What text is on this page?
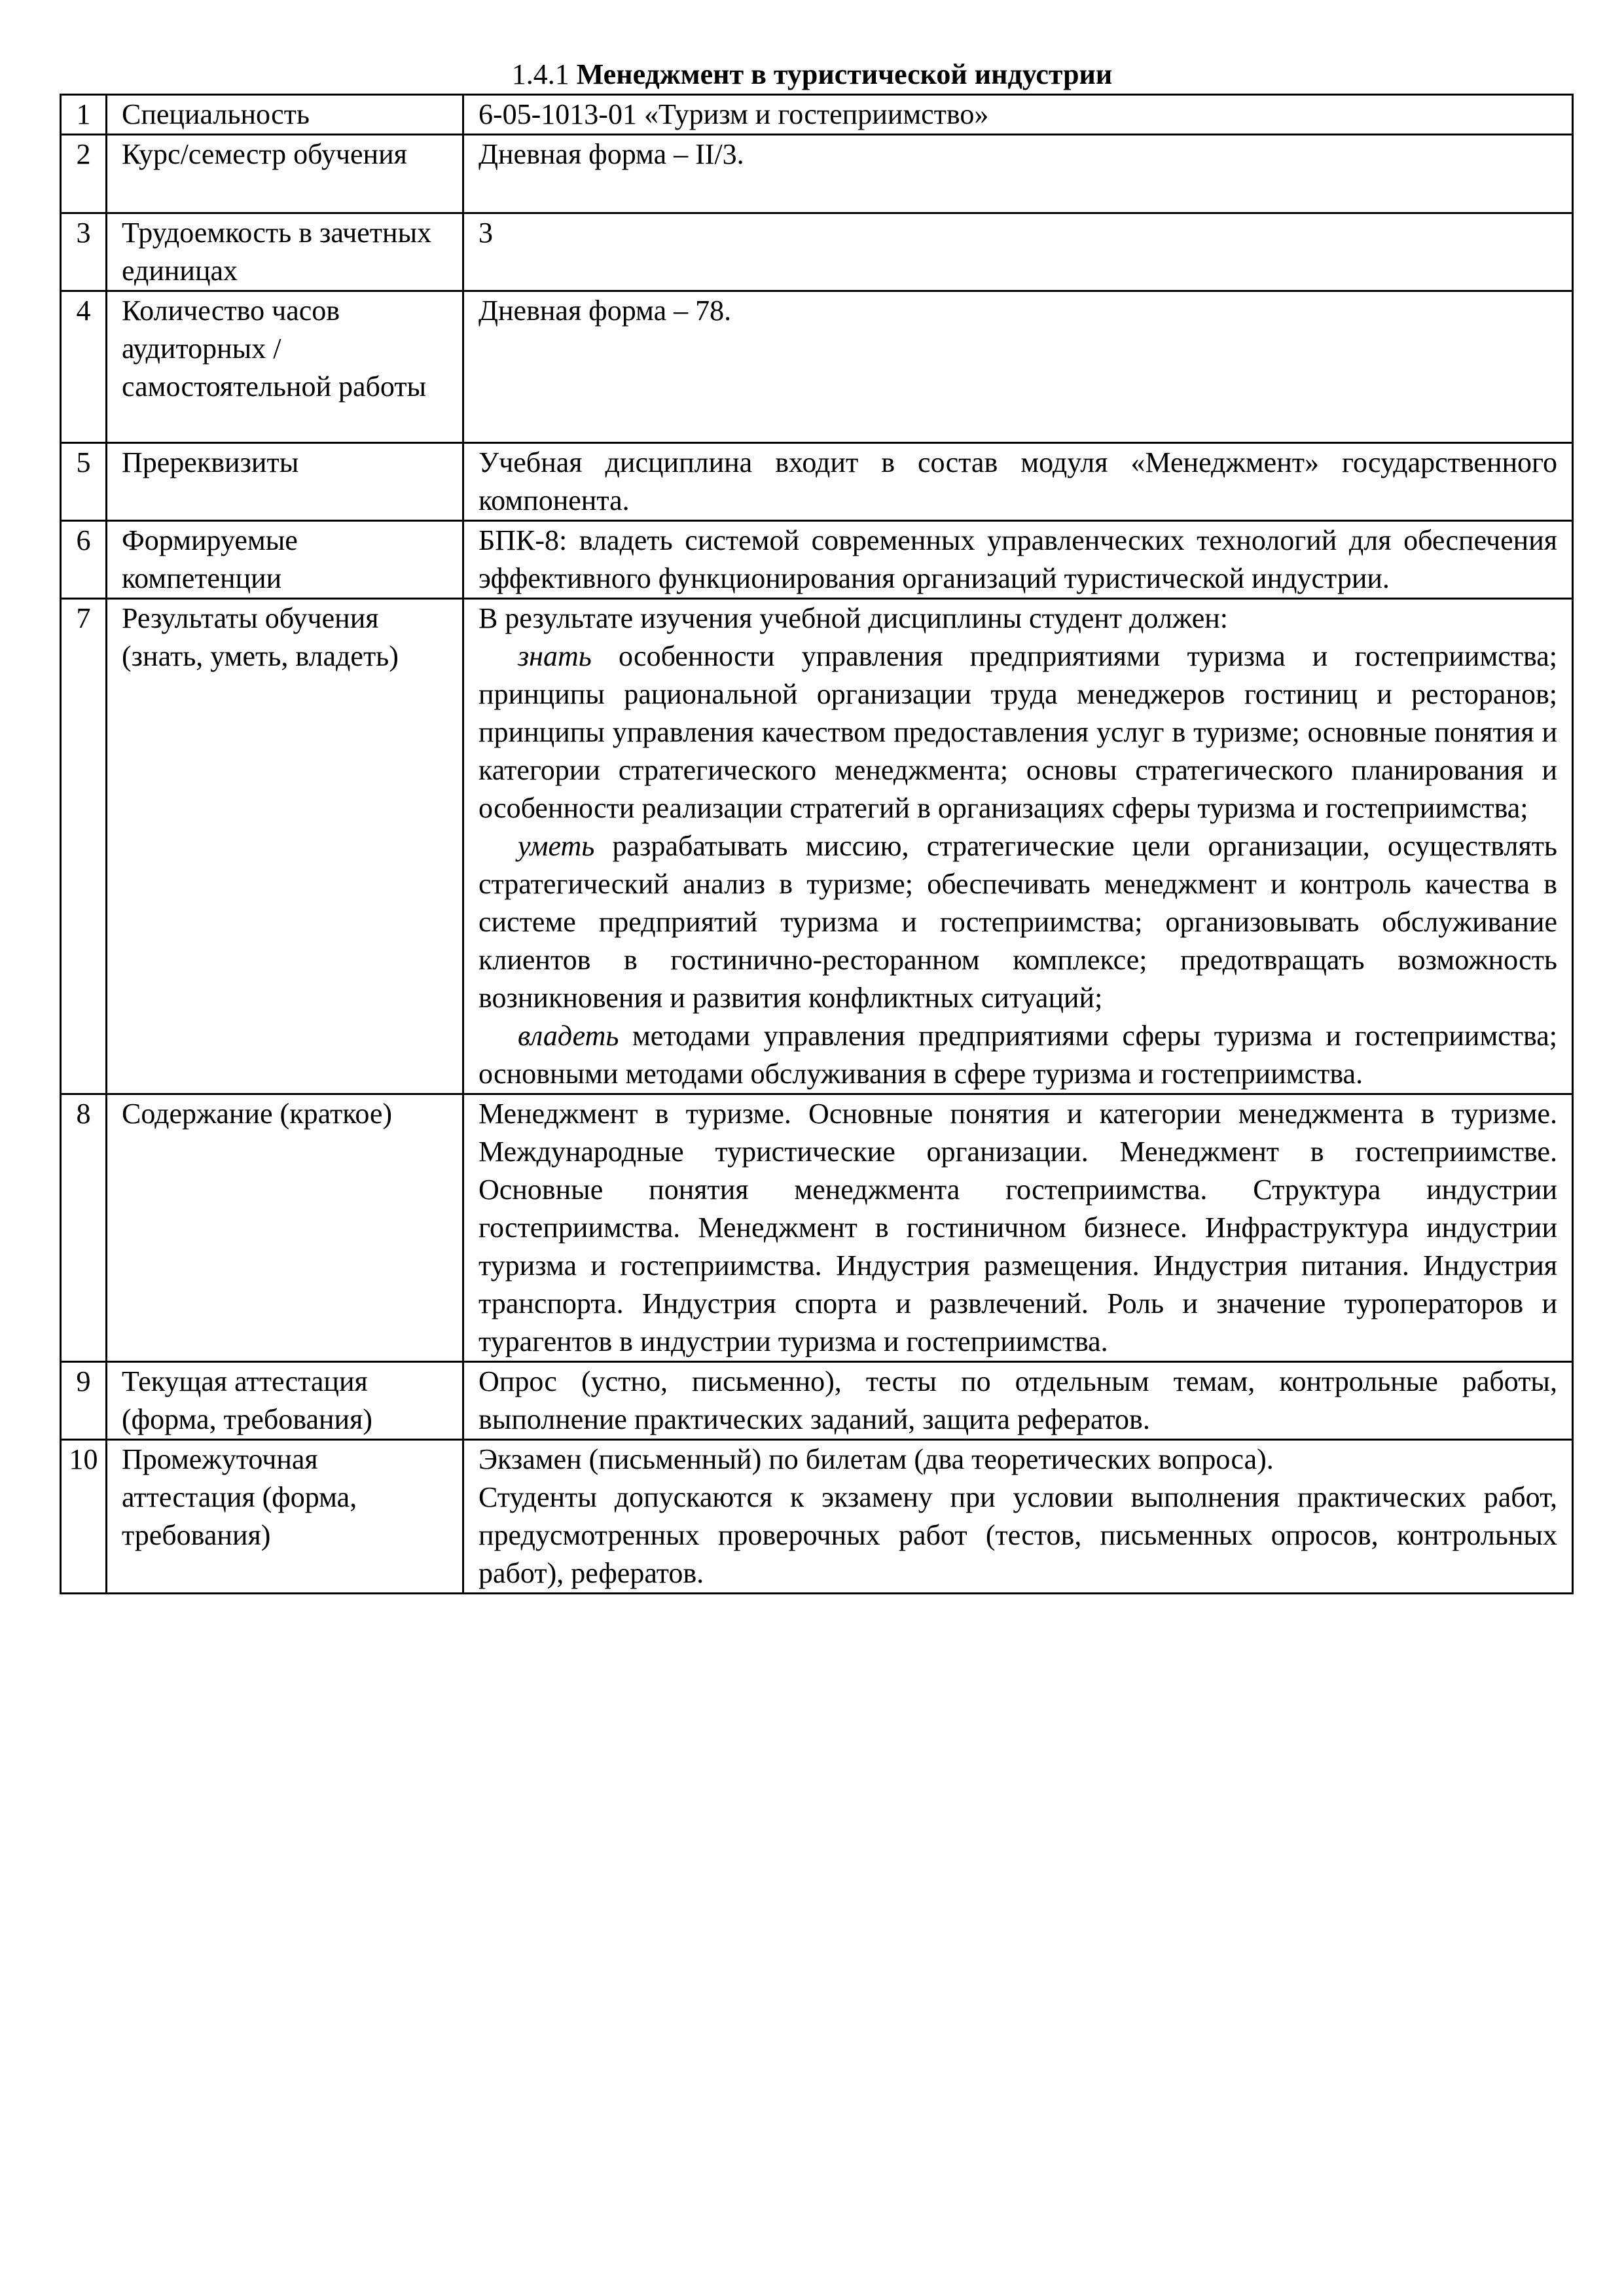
1.4.1 Менеджмент в туристической индустрии
1	Специальность	6-05-1013-01 «Туризм и гостеприимство»
2	Курс/семестр обучения	Дневная форма – II/3.
3	Трудоемкость в зачетных единицах	3
4	Количество часов аудиторных / самостоятельной работы	Дневная форма – 78.
5	Пререквизиты	Учебная дисциплина входит в состав модуля «Менеджмент» государственного компонента.

6	Формируемые компетенции	БПК-8: владеть системой современных управленческих технологий для обеспечения эффективного функционирования организаций туристической индустрии.

7	Результаты обучения (знать, уметь, владеть)	В результате изучения учебной дисциплины студент должен:
знать особенности управления предприятиями туризма и гостеприимства; принципы рациональной организации труда менеджеров гостиниц и ресторанов; принципы управления качеством предоставления услуг в туризме; основные понятия и категории стратегического менеджмента; основы стратегического планирования и особенности реализации стратегий в организациях сферы туризма и гостеприимства;
уметь разрабатывать миссию, стратегические цели организации, осуществлять стратегический анализ в туризме; обеспечивать менеджмент и контроль качества в системе предприятий туризма и гостеприимства; организовывать обслуживание клиентов в гостинично-ресторанном комплексе; предотвращать возможность возникновения и развития конфликтных ситуаций;
владеть методами управления предприятиями сферы туризма и гостеприимства; основными методами обслуживания в сфере туризма и гостеприимства.

8	Содержание (краткое)	Менеджмент в туризме. Основные понятия и категории менеджмента в туризме. Международные туристические организации. Менеджмент в гостеприимстве. Основные понятия менеджмента гостеприимства. Структура индустрии гостеприимства. Менеджмент в гостиничном бизнесе. Инфраструктура индустрии туризма и гостеприимства. Индустрия размещения. Индустрия питания. Индустрия транспорта. Индустрия спорта и развлечений. Роль и значение туроператоров и турагентов в индустрии туризма и гостеприимства.

9	Текущая аттестация (форма, требования)	Опрос (устно, письменно), тесты по отдельным темам, контрольные работы, выполнение практических заданий, защита рефератов.

10	Промежуточная аттестация (форма, требования)	Экзамен (письменный) по билетам (два теоретических вопроса).
Студенты допускаются к экзамену при условии выполнения практических работ, предусмотренных проверочных работ (тестов, письменных опросов, контрольных работ), рефератов.
